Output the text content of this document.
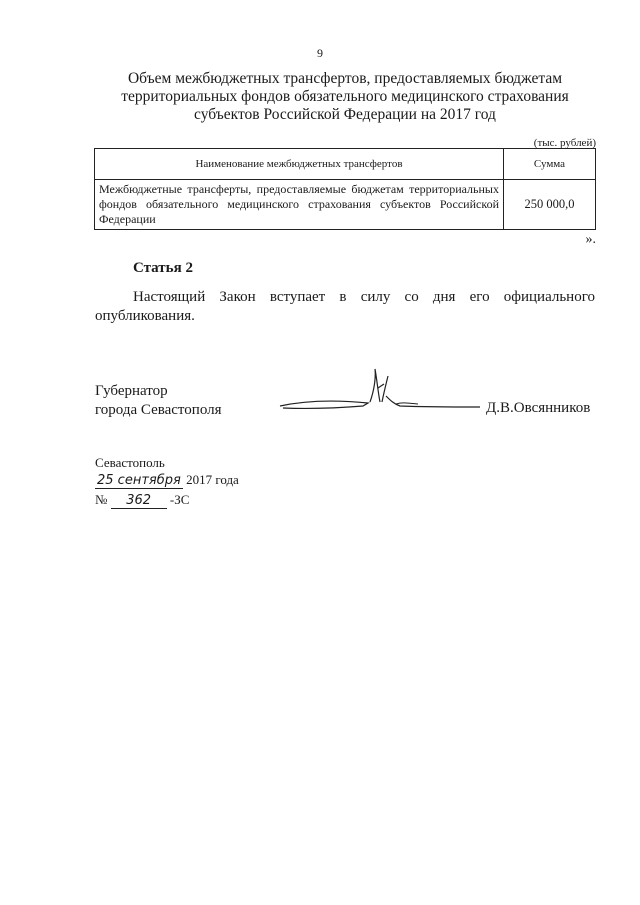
9
Объем межбюджетных трансфертов, предоставляемых бюджетам территориальных фондов обязательного медицинского страхования субъектов Российской Федерации на 2017 год
(тыс. рублей)
Наименование межбюджетных трансфертов	Сумма
Межбюджетные трансферты, предоставляемые бюджетам территориальных фондов обязательного медицинского страхования субъектов Российской Федерации	250 000,0
».
Статья 2
Настоящий Закон вступает в силу со дня его официального опубликования.
Губернатор
города Севастополя	Д.В.Овсянников
Севастополь
25 сентября 2017 года
№ 362 -ЗС
